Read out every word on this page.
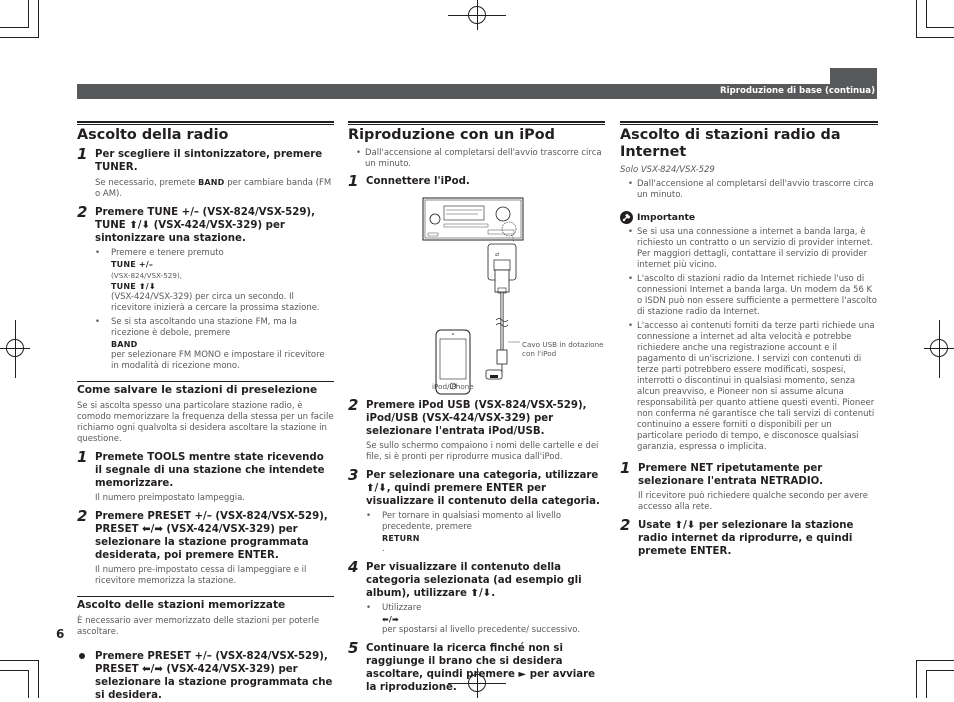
Riproduzione di base (continua)
Ascolto della radio
1 Per scegliere il sintonizzatore, premere TUNER.
Se necessario, premete BAND per cambiare banda (FM o AM).
2 Premere TUNE +/– (VSX-824/VSX-529), TUNE ⬆/⬇ (VSX-424/VSX-329) per sintonizzare una stazione.
• Premere e tenere premuto
TUNE +/–
(VSX-824/VSX-529),
TUNE ⬆/⬇
(VSX-424/VSX-329) per circa un secondo. Il ricevitore inizierà a cercare la prossima stazione.
• Se si sta ascoltando una stazione FM, ma la ricezione è debole, premere
BAND
per selezionare FM MONO e impostare il ricevitore in modalità di ricezione mono.
Come salvare le stazioni di preselezione
Se si ascolta spesso una particolare stazione radio, è comodo memorizzare la frequenza della stessa per un facile richiamo ogni qualvolta si desidera ascoltare la stazione in questione.
1 Premete TOOLS mentre state ricevendo il segnale di una stazione che intendete memorizzare.
Il numero preimpostato lampeggia.
2 Premere PRESET +/– (VSX-824/VSX-529), PRESET ⬅/➡ (VSX-424/VSX-329) per selezionare la stazione programmata desiderata, poi premere ENTER.
Il numero pre-impostato cessa di lampeggiare e il ricevitore memorizza la stazione.
Ascolto delle stazioni memorizzate
È necessario aver memorizzato delle stazioni per poterle ascoltare.
Premere PRESET +/– (VSX-824/VSX-529), PRESET ⬅/➡ (VSX-424/VSX-329) per selezionare la stazione programmata che si desidera.
Riproduzione con un iPod
• Dall'accensione al completarsi dell'avvio trascorre circa un minuto.
1 Connettere l'iPod.
⇄
Cavo USB in dotazione con l'iPod
iPod/iPhone
2 Premere iPod USB (VSX-824/VSX-529), iPod/USB (VSX-424/VSX-329) per selezionare l'entrata iPod/USB.
Se sullo schermo compaiono i nomi delle cartelle e dei file, si è pronti per riprodurre musica dall'iPod.
3 Per selezionare una categoria, utilizzare ⬆/⬇, quindi premere ENTER per visualizzare il contenuto della categoria.
• Per tornare in qualsiasi momento al livello precedente, premere
RETURN
.
4 Per visualizzare il contenuto della categoria selezionata (ad esempio gli album), utilizzare ⬆/⬇.
• Utilizzare
⬅/➡
per spostarsi al livello precedente/ successivo.
5 Continuare la ricerca finché non si raggiunge il brano che si desidera ascoltare, quindi premere ► per avviare la riproduzione.
Ascolto di stazioni radio da Internet
Solo VSX-824/VSX-529
• Dall'accensione al completarsi dell'avvio trascorre circa un minuto.
Importante
• Se si usa una connessione a internet a banda larga, è richiesto un contratto o un servizio di provider internet. Per maggiori dettagli, contattare il servizio di provider internet più vicino.
• L'ascolto di stazioni radio da Internet richiede l'uso di connessioni Internet a banda larga. Un modem da 56 K o ISDN può non essere sufficiente a permettere l'ascolto di stazione radio da Internet.
• L'accesso ai contenuti forniti da terze parti richiede una connessione a internet ad alta velocità e potrebbe richiedere anche una registrazione account e il pagamento di un'iscrizione. I servizi con contenuti di terze parti potrebbero essere modificati, sospesi, interrotti o discontinui in qualsiasi momento, senza alcun preavviso, e Pioneer non si assume alcuna responsabilità per quanto attiene questi eventi. Pioneer non conferma né garantisce che tali servizi di contenuti continuino a essere forniti o disponibili per un particolare periodo di tempo, e disconosce qualsiasi garanzia, espressa o implicita.
1 Premere NET ripetutamente per selezionare l'entrata NETRADIO.
Il ricevitore può richiedere qualche secondo per avere accesso alla rete.
2 Usate ⬆/⬇ per selezionare la stazione radio internet da riprodurre, e quindi premete ENTER.
6
